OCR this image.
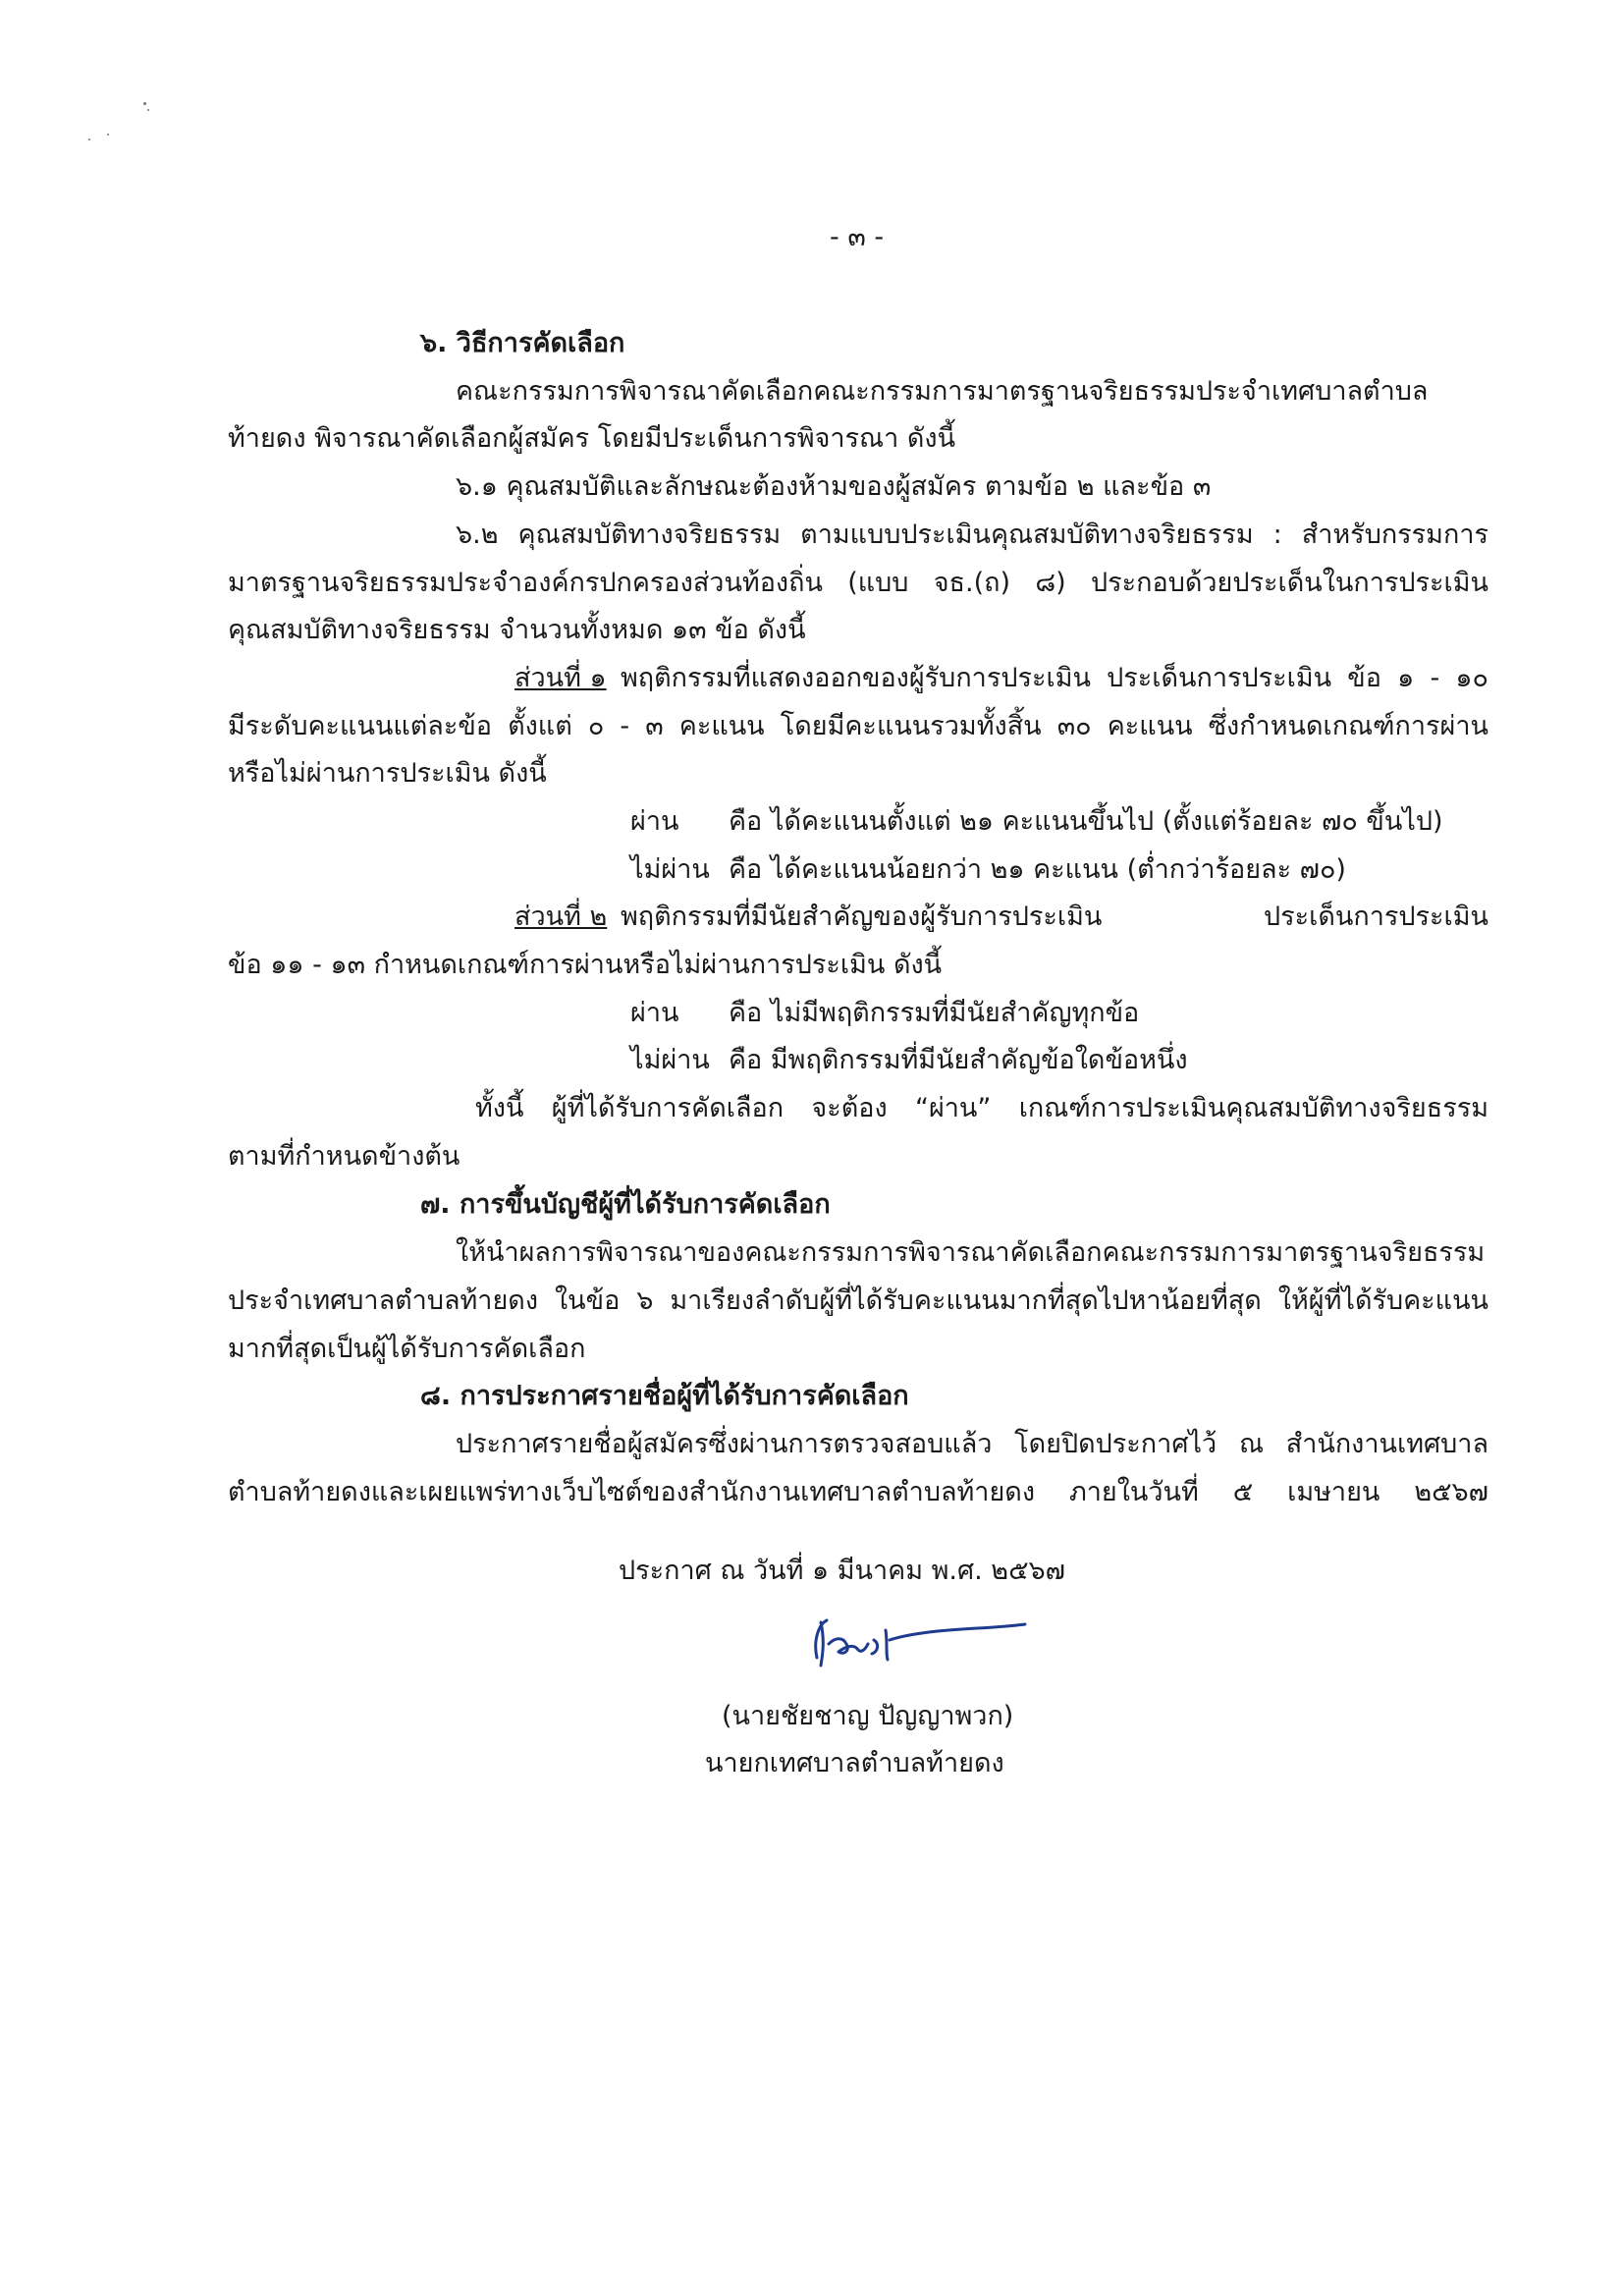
- ๓ -
๖. วิธีการคัดเลือก
คณะกรรมการพิจารณาคัดเลือกคณะกรรมการมาตรฐานจริยธรรมประจำเทศบาลตำบล
ท้ายดง พิจารณาคัดเลือกผู้สมัคร โดยมีประเด็นการพิจารณา ดังนี้
๖.๑ คุณสมบัติและลักษณะต้องห้ามของผู้สมัคร ตามข้อ ๒ และข้อ ๓
๖.๒ คุณสมบัติทางจริยธรรม ตามแบบประเมินคุณสมบัติทางจริยธรรม : สำหรับกรรมการ
มาตรฐานจริยธรรมประจำองค์กรปกครองส่วนท้องถิ่น (แบบ จธ.(ถ) ๘) ประกอบด้วยประเด็นในการประเมิน
คุณสมบัติทางจริยธรรม จำนวนทั้งหมด ๑๓ ข้อ ดังนี้
ส่วนที่ ๑ พฤติกรรมที่แสดงออกของผู้รับการประเมิน ประเด็นการประเมิน ข้อ ๑ - ๑๐
มีระดับคะแนนแต่ละข้อ ตั้งแต่ ๐ - ๓ คะแนน โดยมีคะแนนรวมทั้งสิ้น ๓๐ คะแนน ซึ่งกำหนดเกณฑ์การผ่าน
หรือไม่ผ่านการประเมิน ดังนี้
ผ่าน คือ ได้คะแนนตั้งแต่ ๒๑ คะแนนขึ้นไป (ตั้งแต่ร้อยละ ๗๐ ขึ้นไป)
ไม่ผ่าน คือ ได้คะแนนน้อยกว่า ๒๑ คะแนน (ต่ำกว่าร้อยละ ๗๐)
ส่วนที่ ๒ พฤติกรรมที่มีนัยสำคัญของผู้รับการประเมิน ประเด็นการประเมิน
ข้อ ๑๑ - ๑๓ กำหนดเกณฑ์การผ่านหรือไม่ผ่านการประเมิน ดังนี้
ผ่าน คือ ไม่มีพฤติกรรมที่มีนัยสำคัญทุกข้อ
ไม่ผ่าน คือ มีพฤติกรรมที่มีนัยสำคัญข้อใดข้อหนึ่ง
ทั้งนี้ ผู้ที่ได้รับการคัดเลือก จะต้อง “ผ่าน” เกณฑ์การประเมินคุณสมบัติทางจริยธรรม
ตามที่กำหนดข้างต้น
๗. การขึ้นบัญชีผู้ที่ได้รับการคัดเลือก
ให้นำผลการพิจารณาของคณะกรรมการพิจารณาคัดเลือกคณะกรรมการมาตรฐานจริยธรรม
ประจำเทศบาลตำบลท้ายดง ในข้อ ๖ มาเรียงลำดับผู้ที่ได้รับคะแนนมากที่สุดไปหาน้อยที่สุด ให้ผู้ที่ได้รับคะแนน
มากที่สุดเป็นผู้ได้รับการคัดเลือก
๘. การประกาศรายชื่อผู้ที่ได้รับการคัดเลือก
ประกาศรายชื่อผู้สมัครซึ่งผ่านการตรวจสอบแล้ว โดยปิดประกาศไว้ ณ สำนักงานเทศบาล
ตำบลท้ายดงและเผยแพร่ทางเว็บไซต์ของสำนักงานเทศบาลตำบลท้ายดง ภายในวันที่ ๕ เมษายน ๒๕๖๗
ประกาศ ณ วันที่ ๑ มีนาคม พ.ศ. ๒๕๖๗
(นายชัยชาญ ปัญญาพวก)
นายกเทศบาลตำบลท้ายดง
